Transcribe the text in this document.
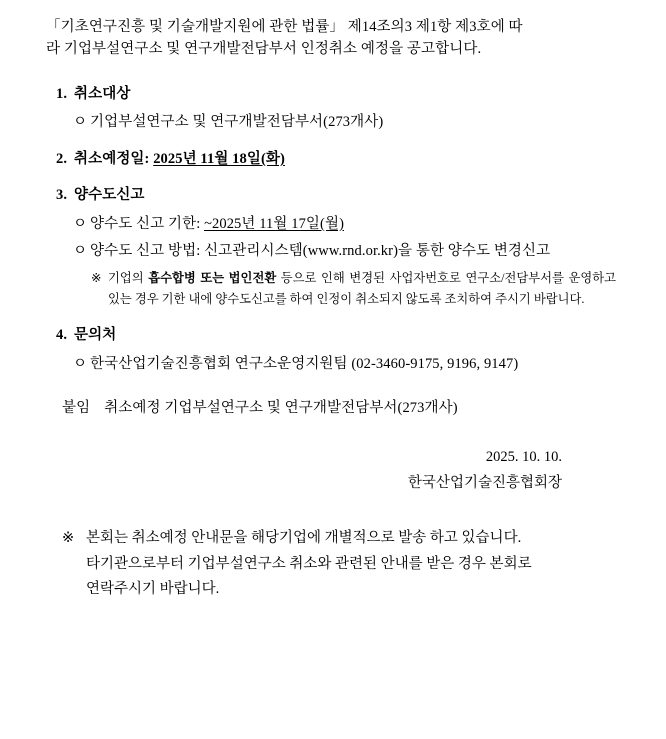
「기초연구진흥 및 기술개발지원에 관한 법률」 제14조의3 제1항 제3호에 따
라 기업부설연구소 및 연구개발전담부서 인정취소 예정을 공고합니다.

1. 취소대상
ㅇ 기업부설연구소 및 연구개발전담부서(273개사)
2. 취소예정일: 2025년 11월 18일(화)
3. 양수도신고
ㅇ 양수도 신고 기한: ~2025년 11월 17일(월)
ㅇ 양수도 신고 방법: 신고관리시스템(www.rnd.or.kr)을 통한 양수도 변경신고
※ 기업의 흡수합병 또는 법인전환 등으로 인해 변경된 사업자번호로 연구소/전담부서를 운영하고 있는 경우 기한 내에 양수도신고를 하여 인정이 취소되지 않도록 조치하여 주시기 바랍니다.
4. 문의처
ㅇ 한국산업기술진흥협회 연구소운영지원팀 (02-3460-9175, 9196, 9147)
붙임 취소예정 기업부설연구소 및 연구개발전담부서(273개사)
2025. 10. 10.
한국산업기술진흥협회장
※ 본회는 취소예정 안내문을 해당기업에 개별적으로 발송 하고 있습니다.
타기관으로부터 기업부설연구소 취소와 관련된 안내를 받은 경우 본회로
연락주시기 바랍니다.
